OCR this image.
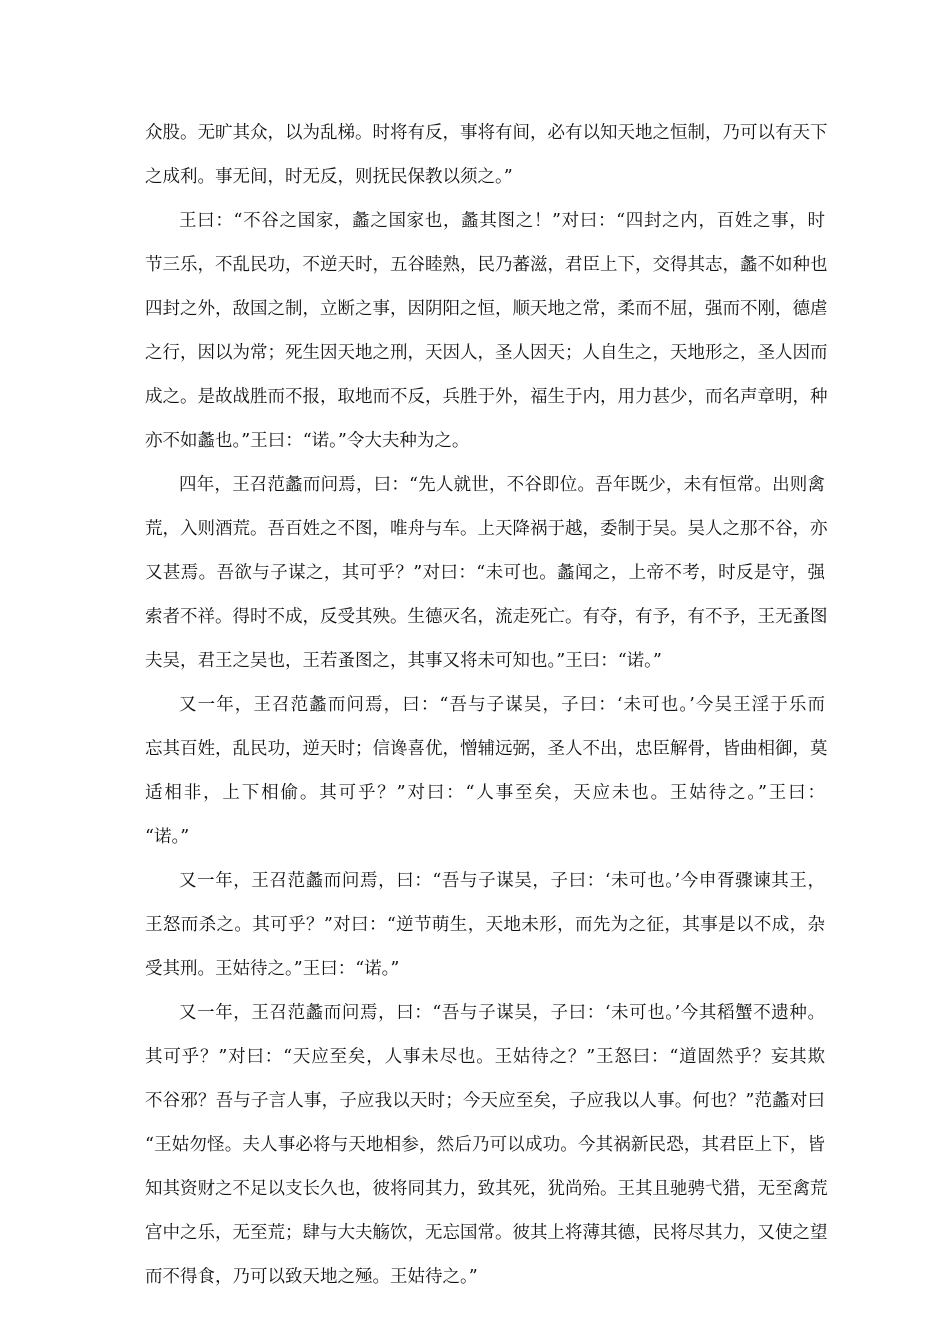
众股。无旷其众，以为乱梯。时将有反，事将有间，必有以知天地之恒制，乃可以有天下
之成利。事无间，时无反，则抚民保教以须之。”
王曰：“不谷之国家，蠡之国家也，蠡其图之！”对曰：“四封之内，百姓之事，时
节三乐，不乱民功，不逆天时，五谷睦熟，民乃蕃滋，君臣上下，交得其志，蠡不如种也
四封之外，敌国之制，立断之事，因阴阳之恒，顺天地之常，柔而不屈，强而不刚，德虐
之行，因以为常；死生因天地之刑，天因人，圣人因天；人自生之，天地形之，圣人因而
成之。是故战胜而不报，取地而不反，兵胜于外，福生于内，用力甚少，而名声章明，种
亦不如蠡也。”王曰：“诺。”令大夫种为之。
四年，王召范蠡而问焉，曰：“先人就世，不谷即位。吾年既少，未有恒常。出则禽
荒，入则酒荒。吾百姓之不图，唯舟与车。上天降祸于越，委制于吴。吴人之那不谷，亦
又甚焉。吾欲与子谋之，其可乎？”对曰：“未可也。蠡闻之，上帝不考，时反是守，强
索者不祥。得时不成，反受其殃。生德灭名，流走死亡。有夺，有予，有不予，王无蚤图
夫吴，君王之吴也，王若蚤图之，其事又将未可知也。”王曰：“诺。”
又一年，王召范蠡而问焉，曰：“吾与子谋吴，子曰：‘未可也。’今吴王淫于乐而
忘其百姓，乱民功，逆天时；信谗喜优，憎辅远弼，圣人不出，忠臣解骨，皆曲相御，莫
适相非，上下相偷。其可乎？”对曰：“人事至矣，天应未也。王姑待之。”王曰：
“诺。”
又一年，王召范蠡而问焉，曰：“吾与子谋吴，子曰：‘未可也。’今申胥骤谏其王，
王怒而杀之。其可乎？”对曰：“逆节萌生，天地未形，而先为之征，其事是以不成，杂
受其刑。王姑待之。”王曰：“诺。”
又一年，王召范蠡而问焉，曰：“吾与子谋吴，子曰：‘未可也。’今其稻蟹不遗种。
其可乎？”对曰：“天应至矣，人事未尽也。王姑待之？”王怒曰：“道固然乎？妄其欺
不谷邪？吾与子言人事，子应我以天时；今天应至矣，子应我以人事。何也？”范蠡对曰
“王姑勿怪。夫人事必将与天地相参，然后乃可以成功。今其祸新民恐，其君臣上下，皆
知其资财之不足以支长久也，彼将同其力，致其死，犹尚殆。王其且驰骋弋猎，无至禽荒
宫中之乐，无至荒；肆与大夫觞饮，无忘国常。彼其上将薄其德，民将尽其力，又使之望
而不得食，乃可以致天地之殛。王姑待之。”
